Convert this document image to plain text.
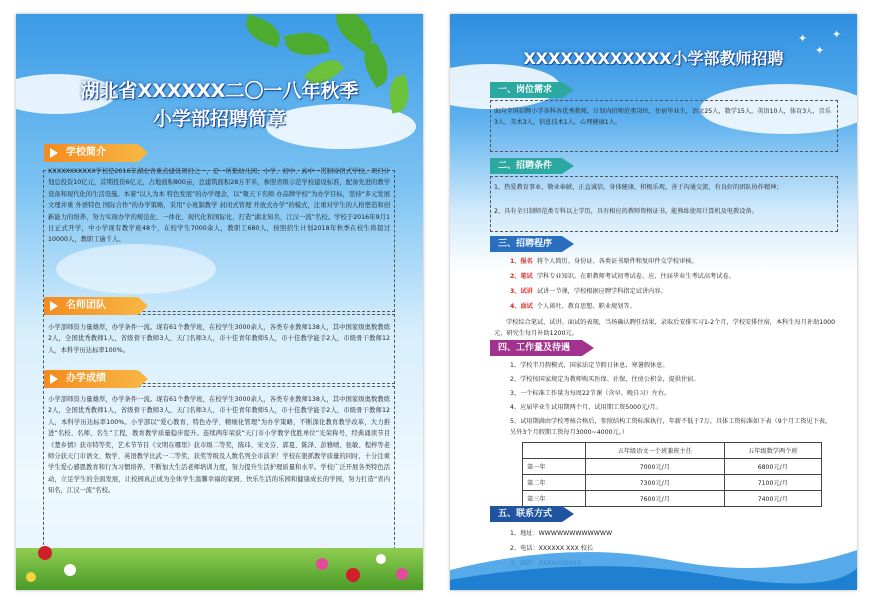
湖北省XXXXXX二〇一八年秋季
小学部招聘简章
学校简介
XXXXXXXXXXX学校是2016年湖北省重点建设项目之一，是一所集幼儿园、小学、初中、高中一贯制寄宿式学校。项目计划总投资10亿元，首期投资6亿元，占地面积800亩，总建筑面积28万平米，参照省级示范学校建设标准，配备先进的教学设备和现代化的生活设施。本着“以人为本 特色发展”的办学理念，以“聚天下名师 办品牌学校”为办学目标，坚持“多元发展 文理并重 外语特色 国际合作”的办学策略，采用“小班制教学 封闭式管理 开放式办学”的模式，注重对学生的人格塑造和创新能力的培养，努力实现办学的规范化、一体化、现代化和国际化，打造“湖北知名，江汉一流”名校。学校于2016年9月1日正式开学，中小学现有教学班48个，在校学生7000余人，教职工680人，按照招生计划2018年秋季在校生将超过10000人，教职工逾千人。
名师团队
小学部师资力量雄厚，办学条件一流。现有61个教学班，在校学生3000余人，各类专业教师138人，其中国家级奥数教练2人，全国优秀教师1人，省级骨干教师3人，天门名师3人，市十佳青年教师5人，市十佳教学能手2人，市级骨干教师12人，本科学历达标率100%。
办学成绩
小学部师资力量雄厚，办学条件一流。现有61个教学班，在校学生3000余人，各类专业教师138人，其中国家级奥数教练2人，全国优秀教师1人，省级骨干教师3人，天门名师3人，市十佳青年教师5人，市十佳教学能手2人，市级骨干教师12人，本科学历达标率100%。小学部以“爱心教育、特色办学、精细化管理”为办学策略，不断深化教育教学改革，大力推进“名校、名师、名生”工程，教育教学质量稳步提升。连续两年荣获“天门市小学教学优胜单位”光荣称号，经典诵读节目《楚乡情》获市特等奖，艺术节节目《文明在哪里》获市级二等奖，陈玮、宋文芬、郭夏、陈泽、彭雅晴、张敏、程梓等老师分获天门市语文、数学、英语教学比武一二等奖，获奖等级及人数名列全市前茅！学校在狠抓教学质量的同时，十分注重学生爱心感恩教育和行为习惯培养，不断加大生活老师培训力度，努力提升生活护理质量和水平。学校广泛开展各类特色活动，立足学生的全面发展，让校园真正成为全体学生温馨幸福的家园、快乐生活的乐园和健康成长的学园，努力打造“省内知名，江汉一流”名校。
✦
✦
✦
XXXXXXXXXXXX小学部教师招聘
一、岗位需求
面向全国招聘小学各科各优秀教师，计划内招师范类岗位，住宿毕业生，语文25人，数学15人，英语10人，体育3人，音乐3人，美术3人，信息技术1人，心理健康1人。
二、招聘条件
1、热爱教育事业，敬业奉献，正直诚信，身体健康，积极乐观，善于沟通交流，有良好的团队协作精神；
2、具有全日制师范类专科以上学历，具有相应的教师资格证书，能熟练使用计算机及电教设备。
三、招聘程序
1、报名 将个人简历、身份证、各类证书原件和复印件交学校审核。
2、笔试 学科专业知识。在职教师考试初考试卷、应、往届毕业生考试高考试卷。
3、试讲 试讲一节课，学校根据应聘学科指定试讲内容。
4、面试 个人谈吐、教育思想、职业规划等。
学校综合笔试、试讲、面试的表现，当场确认聘任结果，录取后安排实习1-2个月，学校安排住宿，本科生每月补助1000元，研究生每月补助1200元。
四、工作量及待遇
1、学校半月假模式，国家法定节假日休息，寒暑假休息。
2、学校按国家规定为教师购买医保、社保，住房公积金，提供住宿。
3、一个标准工作量为每周22节课（含早、晚自习）左右。
4、应届毕业生试用期两个月，试用期工资5000元/月。
5、试用期满由学校考核合格后，参照结构工资标准执行，年薪不低于7万。具体工资标准如下表（9个月工资见下表，另外3个月假期工资每月3000~4000元。）
	五年级语文一个班兼班主任	五年级数学两个班
第一年	7000元/月	6800元/月
第二年	7300元/月	7100元/月
第三年	7600元/月	7400元/月
五、联系方式
1、地址：WWWWWWWWWWWW
2、电话：XXXXXX XXX 校长
